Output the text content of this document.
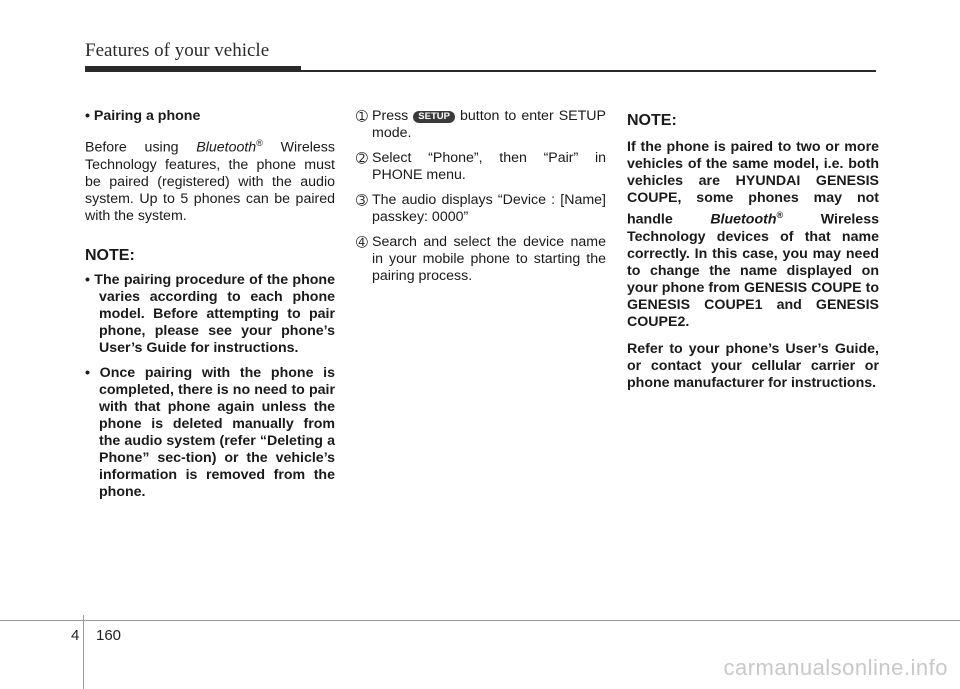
Features of your vehicle

• Pairing a phone

Before using Bluetooth® Wireless Technology features, the phone must be paired (registered) with the audio system. Up to 5 phones can be paired with the system.

NOTE:

• The pairing procedure of the phone varies according to each phone model. Before attempting to pair phone, please see your phone’s User’s Guide for instructions.

• Once pairing with the phone is completed, there is no need to pair with that phone again unless the phone is deleted manually from the audio system (refer “Deleting a Phone” sec-tion) or the vehicle’s information is removed from the phone.

➀ Press SETUP button to enter SETUP mode.
➁ Select “Phone”, then “Pair” in PHONE menu.
➂ The audio displays “Device : [Name] passkey: 0000”
➃ Search and select the device name in your mobile phone to starting the pairing process.
NOTE:

If the phone is paired to two or more vehicles of the same model, i.e. both vehicles are HYUNDAI GENESIS COUPE, some phones may not handle Bluetooth® Wireless Technology devices of that name correctly. In this case, you may need to change the name displayed on your phone from GENESIS COUPE to GENESIS COUPE1 and GENESIS COUPE2.

Refer to your phone’s User’s Guide, or contact your cellular carrier or phone manufacturer for instructions.

4 160
carmanualsonline.info
